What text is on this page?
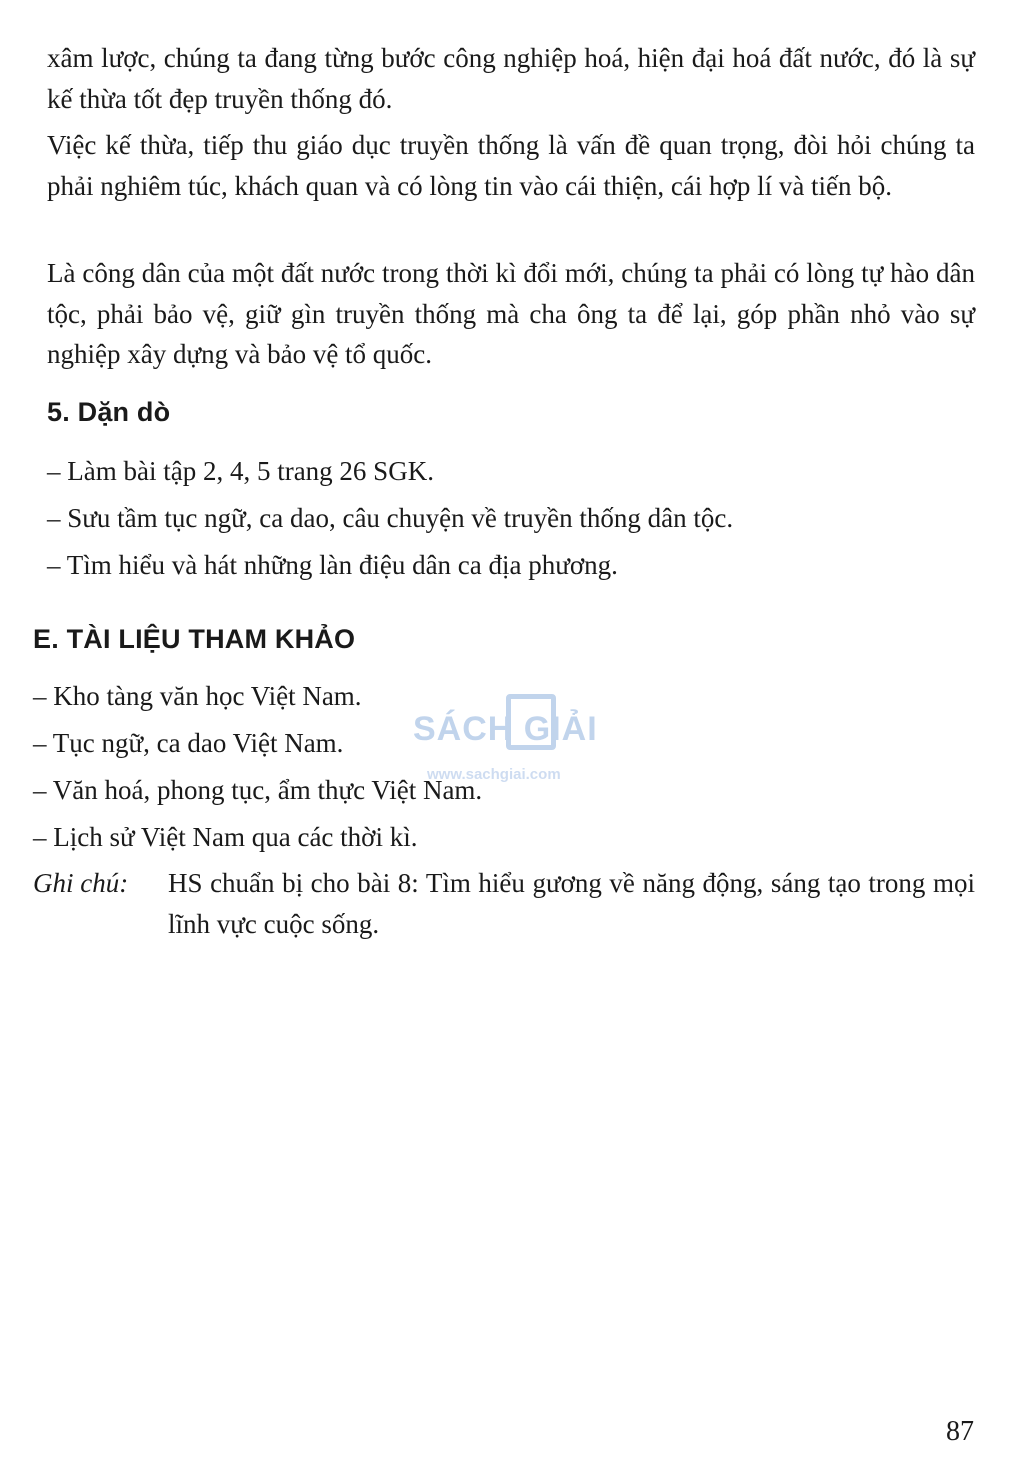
xâm lược, chúng ta đang từng bước công nghiệp hoá, hiện đại hoá đất nước, đó là sự kế thừa tốt đẹp truyền thống đó.

Việc kế thừa, tiếp thu giáo dục truyền thống là vấn đề quan trọng, đòi hỏi chúng ta phải nghiêm túc, khách quan và có lòng tin vào cái thiện, cái hợp lí và tiến bộ.

Là công dân của một đất nước trong thời kì đổi mới, chúng ta phải có lòng tự hào dân tộc, phải bảo vệ, giữ gìn truyền thống mà cha ông ta để lại, góp phần nhỏ vào sự nghiệp xây dựng và bảo vệ tổ quốc.

5. Dặn dò
– Làm bài tập 2, 4, 5 trang 26 SGK.
– Sưu tầm tục ngữ, ca dao, câu chuyện về truyền thống dân tộc.
– Tìm hiểu và hát những làn điệu dân ca địa phương.
E. TÀI LIỆU THAM KHẢO
– Kho tàng văn học Việt Nam.
– Tục ngữ, ca dao Việt Nam.
– Văn hoá, phong tục, ẩm thực Việt Nam.
– Lịch sử Việt Nam qua các thời kì.
Ghi chú: HS chuẩn bị cho bài 8: Tìm hiểu gương về năng động, sáng tạo trong mọi lĩnh vực cuộc sống.
SÁCH GIẢI
www.sachgiai.com
87
